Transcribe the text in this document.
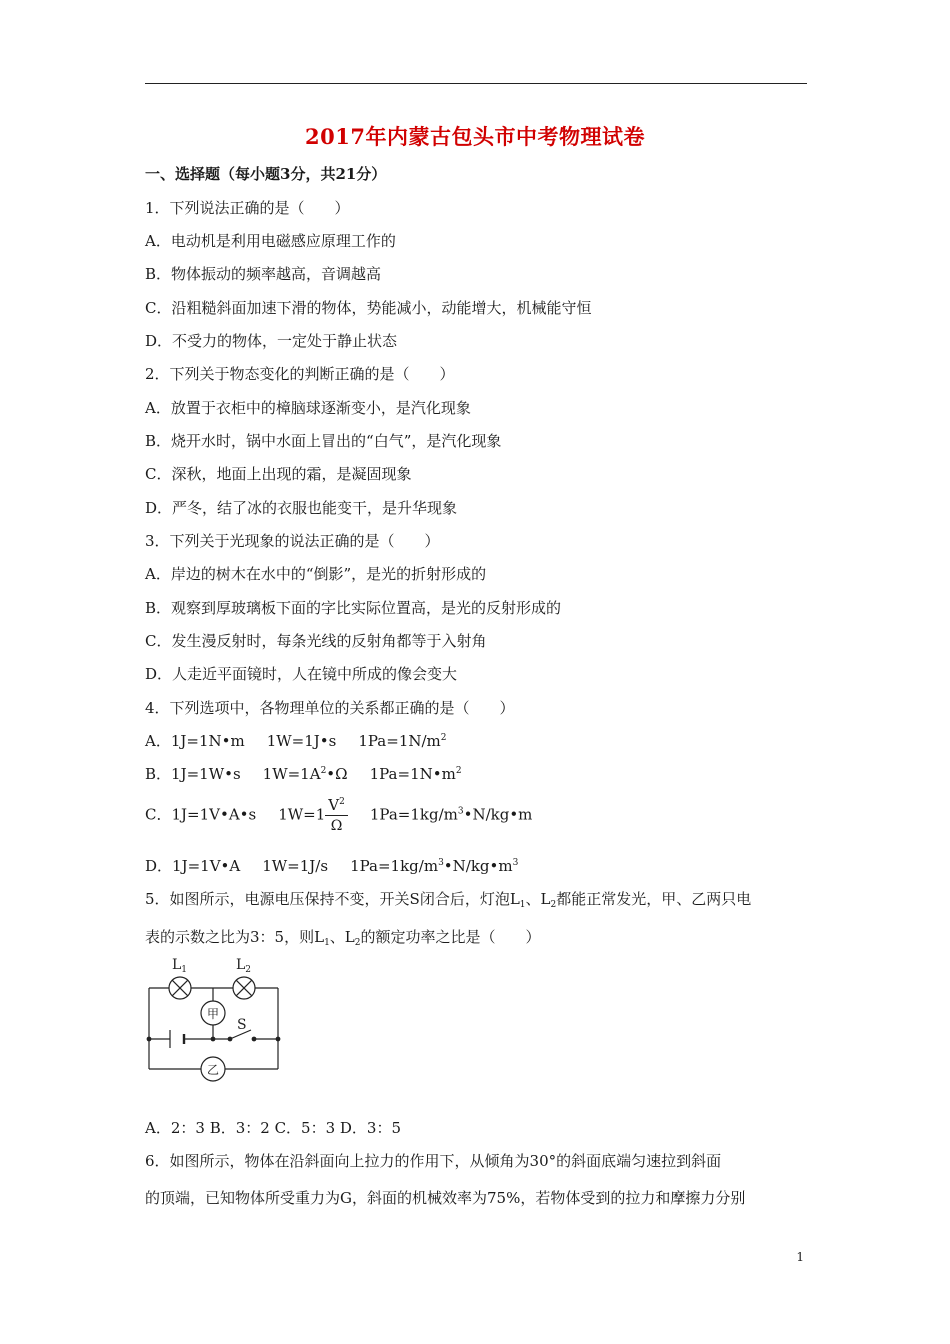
2017年内蒙古包头市中考物理试卷
一、选择题（每小题3分，共21分）
1．下列说法正确的是（　　）
A．电动机是利用电磁感应原理工作的
B．物体振动的频率越高，音调越高
C．沿粗糙斜面加速下滑的物体，势能减小，动能增大，机械能守恒
D．不受力的物体，一定处于静止状态
2．下列关于物态变化的判断正确的是（　　）
A．放置于衣柜中的樟脑球逐渐变小，是汽化现象
B．烧开水时，锅中水面上冒出的“白气”，是汽化现象
C．深秋，地面上出现的霜，是凝固现象
D．严冬，结了冰的衣服也能变干，是升华现象
3．下列关于光现象的说法正确的是（　　）
A．岸边的树木在水中的“倒影”，是光的折射形成的
B．观察到厚玻璃板下面的字比实际位置高，是光的反射形成的
C．发生漫反射时，每条光线的反射角都等于入射角
D．人走近平面镜时，人在镜中所成的像会变大
4．下列选项中，各物理单位的关系都正确的是（　　）
A．1J=1N•m 1W=1J•s $1Pa=1N/m^2$
B．1J=1W•s $1W=1A^2•\Omega$ $1Pa=1N•m^2$
C．1J=1V•A•s $1W=1 \frac{V^2}{\Omega}$ $1Pa=1kg/m^3•N/kg•m$
D．1J=1V•A 1W=1J/s $1Pa=1kg/m^3•N/kg•m^3$
5．如图所示，电源电压保持不变，开关S闭合后，灯泡$L_1$、$L_2$都能正常发光，甲、乙两只电
表的示数之比为3：5，则$L_1$、$L_2$的额定功率之比是（　　）
$L_1$	$L_2$
甲
乙
S
A．2：3 B．3：2 C．5：3 D．3：5
6．如图所示，物体在沿斜面向上拉力的作用下，从倾角为30°的斜面底端匀速拉到斜面
的顶端，已知物体所受重力为G，斜面的机械效率为75%，若物体受到的拉力和摩擦力分别
1
